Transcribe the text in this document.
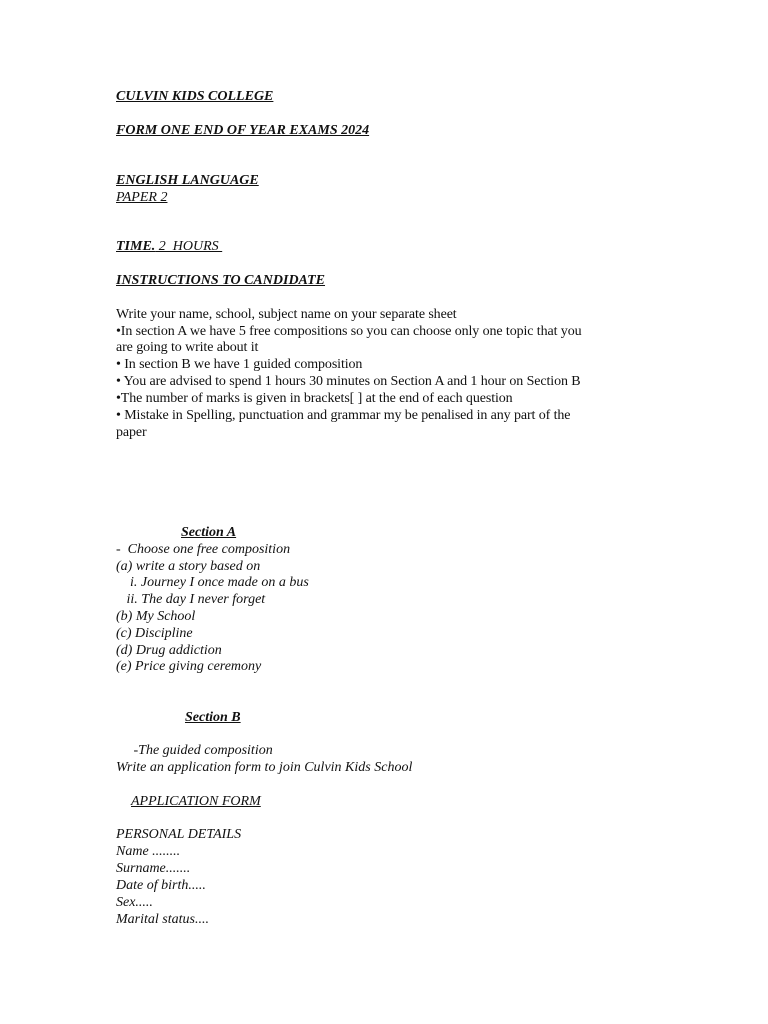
CULVIN KIDS COLLEGE
FORM ONE END OF YEAR EXAMS 2024
ENGLISH LANGUAGE
PAPER 2
TIME. 2  HOURS
INSTRUCTIONS TO CANDIDATE
Write your name, school, subject name on your separate sheet
•In section A we have 5 free compositions so you can choose only one topic that you
are going to write about it
• In section B we have 1 guided composition
• You are advised to spend 1 hours 30 minutes on Section A and 1 hour on Section B
•The number of marks is given in brackets[ ] at the end of each question
• Mistake in Spelling, punctuation and grammar my be penalised in any part of the
paper
Section A
-  Choose one free composition
(a) write a story based on
i. Journey I once made on a bus
ii. The day I never forget
(b) My School
(c) Discipline
(d) Drug addiction
(e) Price giving ceremony
Section B
-The guided composition
Write an application form to join Culvin Kids School
APPLICATION FORM
PERSONAL DETAILS
Name ........
Surname.......
Date of birth.....
Sex.....
Marital status....
